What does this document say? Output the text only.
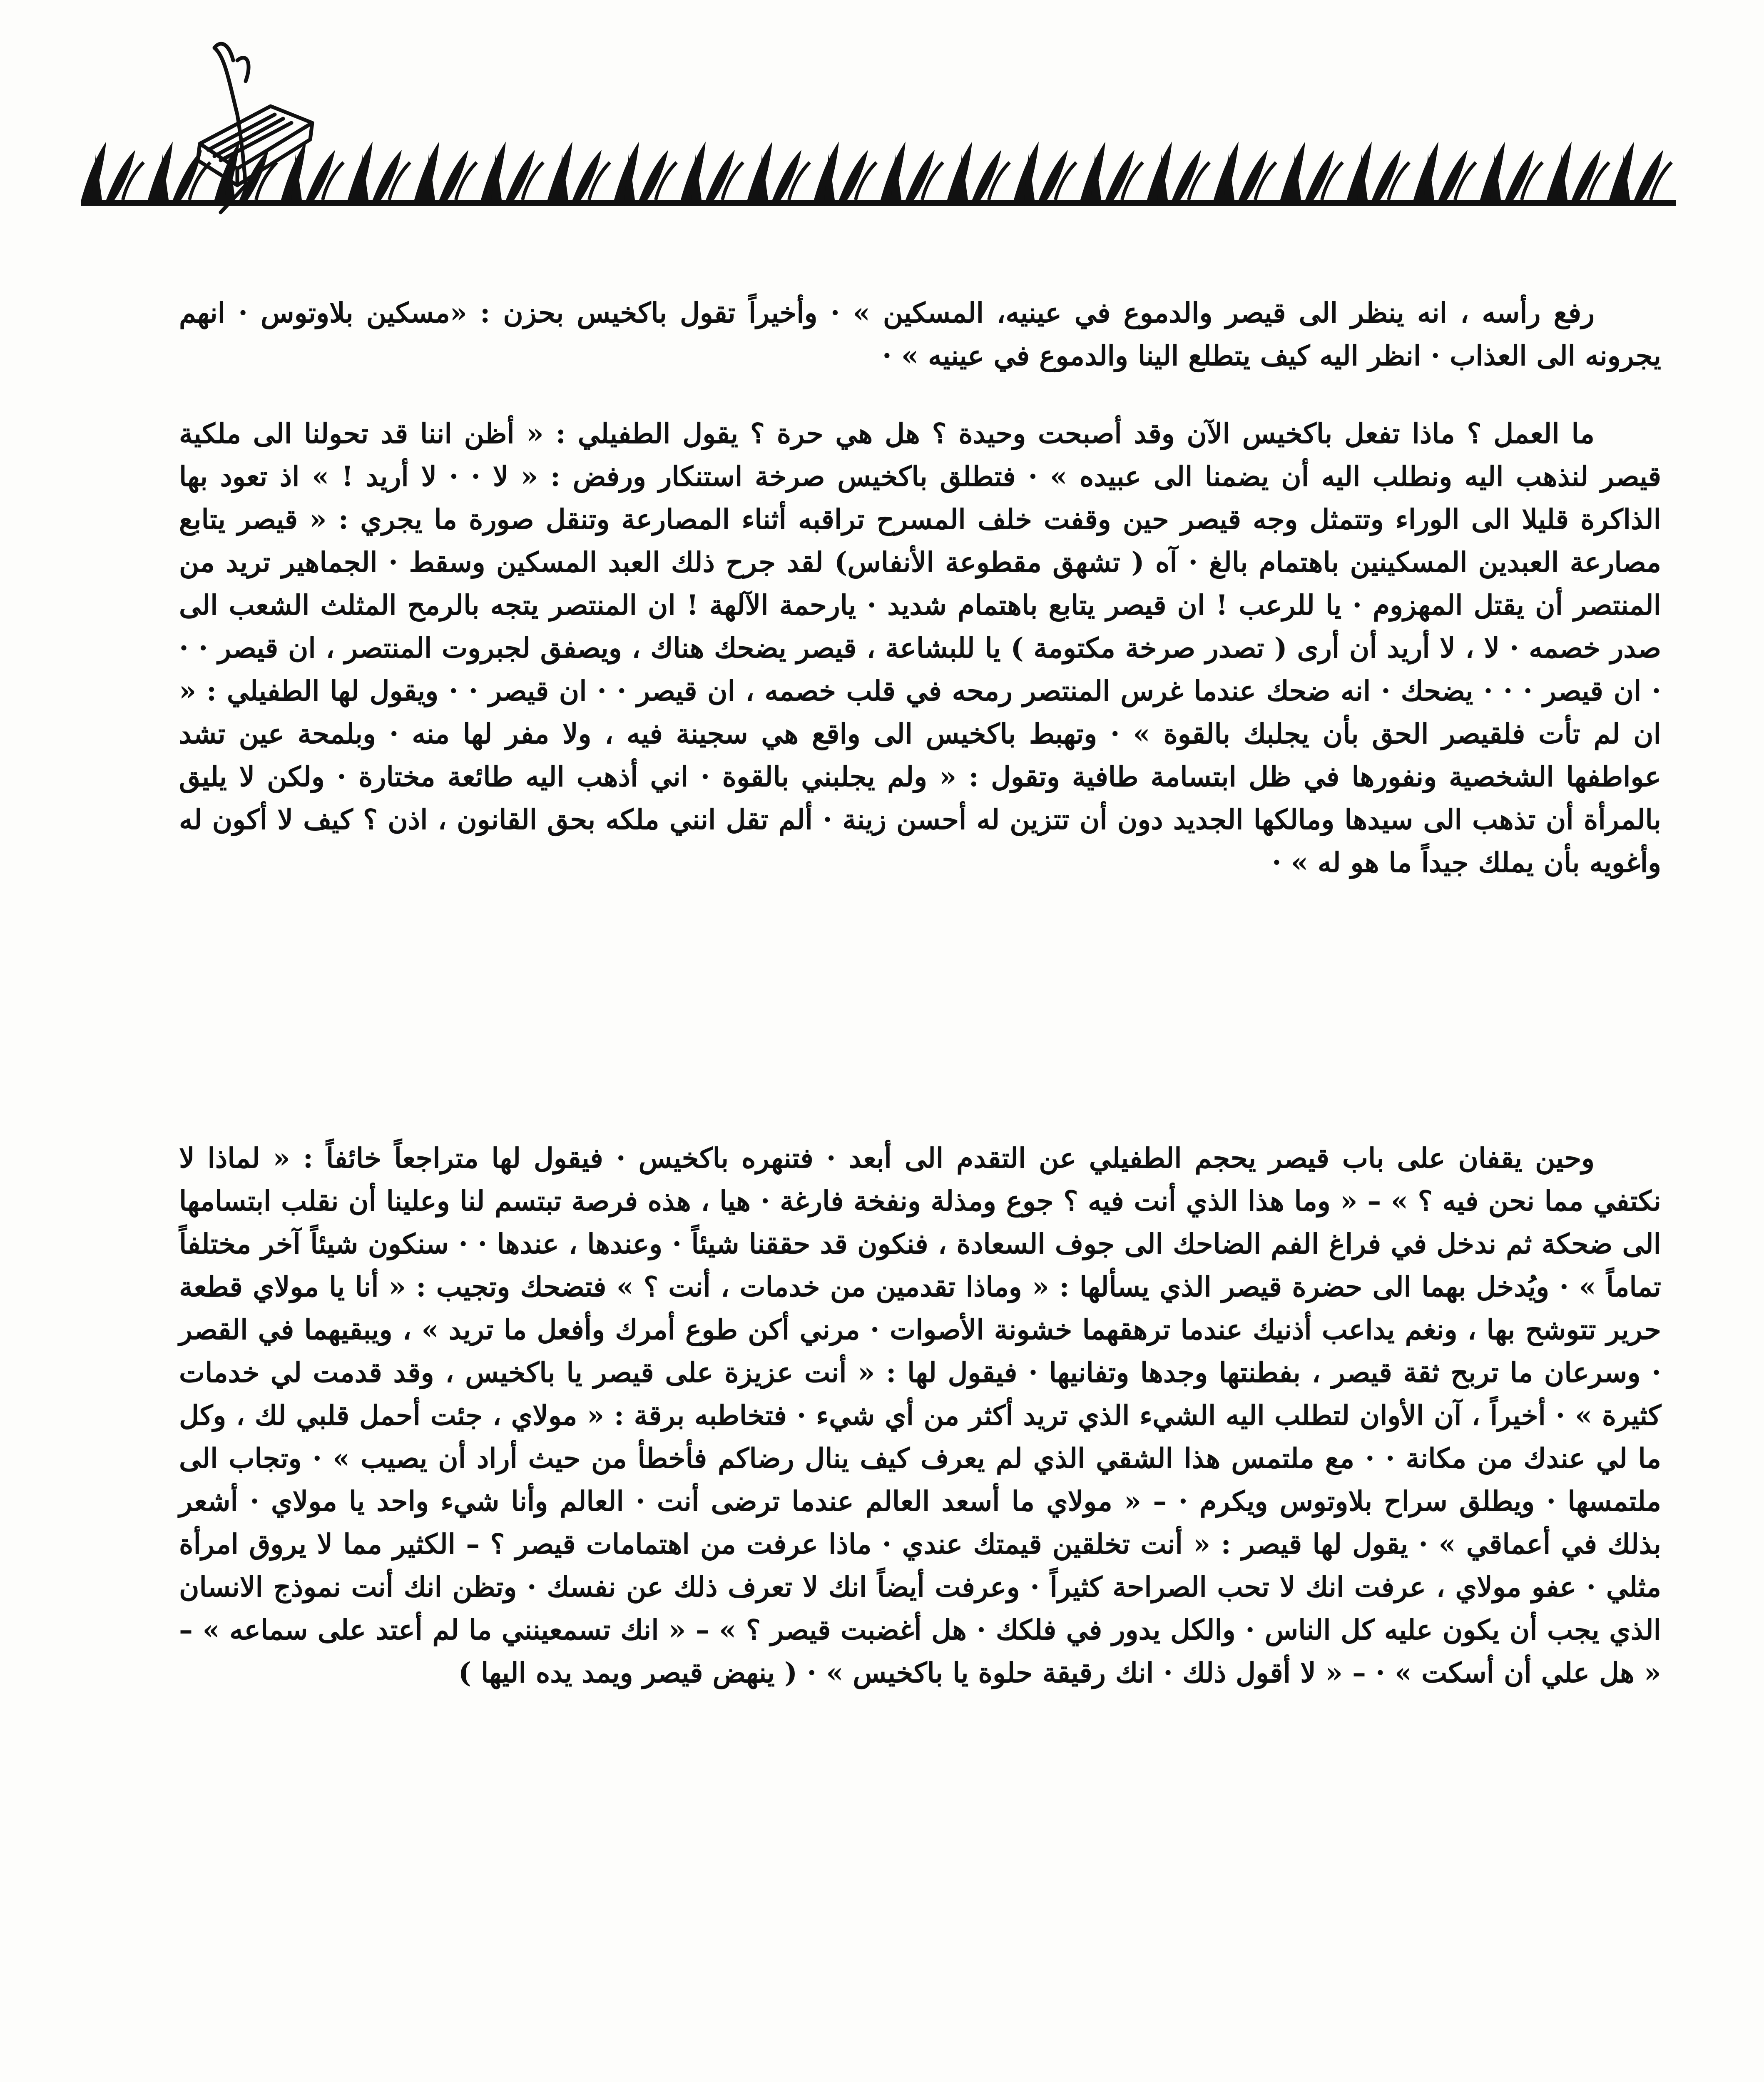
رفع رأسه ، انه ينظر الى قيصر والدموع في عينيه، المسكين » · وأخيراً تقول باكخيس بحزن : «مسكين بلاوتوس · انهم يجرونه الى العذاب · انظر اليه كيف يتطلع الينا والدموع في عينيه » ·

ما العمل ؟ ماذا تفعل باكخيس الآن وقد أصبحت وحيدة ؟ هل هي حرة ؟ يقول الطفيلي : « أظن اننا قد تحولنا الى ملكية قيصر لنذهب اليه ونطلب اليه أن يضمنا الى عبيده » · فتطلق باكخيس صرخة استنكار ورفض : « لا · · لا أريد ! » اذ تعود بها الذاكرة قليلا الى الوراء وتتمثل وجه قيصر حين وقفت خلف المسرح تراقبه أثناء المصارعة وتنقل صورة ما يجري : « قيصر يتابع مصارعة العبدين المسكينين باهتمام بالغ · آه ( تشهق مقطوعة الأنفاس) لقد جرح ذلك العبد المسكين وسقط · الجماهير تريد من المنتصر أن يقتل المهزوم · يا للرعب ! ان قيصر يتابع باهتمام شديد · يارحمة الآلهة ! ان المنتصر يتجه بالرمح المثلث الشعب الى صدر خصمه · لا ، لا أريد أن أرى ( تصدر صرخة مكتومة ) يا للبشاعة ، قيصر يضحك هناك ، ويصفق لجبروت المنتصر ، ان قيصر · · · ان قيصر · · · يضحك · انه ضحك عندما غرس المنتصر رمحه في قلب خصمه ، ان قيصر · · ان قيصر · · ويقول لها الطفيلي : « ان لم تأت فلقيصر الحق بأن يجلبك بالقوة » · وتهبط باكخيس الى واقع هي سجينة فيه ، ولا مفر لها منه · وبلمحة عين تشد عواطفها الشخصية ونفورها في ظل ابتسامة طافية وتقول : « ولم يجلبني بالقوة · اني أذهب اليه طائعة مختارة · ولكن لا يليق بالمرأة أن تذهب الى سيدها ومالكها الجديد دون أن تتزين له أحسن زينة · ألم تقل انني ملكه بحق القانون ، اذن ؟ كيف لا أكون له وأغويه بأن يملك جيداً ما هو له » ·

وحين يقفان على باب قيصر يحجم الطفيلي عن التقدم الى أبعد · فتنهره باكخيس · فيقول لها متراجعاً خائفاً : « لماذا لا نكتفي مما نحن فيه ؟ » – « وما هذا الذي أنت فيه ؟ جوع ومذلة ونفخة فارغة · هيا ، هذه فرصة تبتسم لنا وعلينا أن نقلب ابتسامها الى ضحكة ثم ندخل في فراغ الفم الضاحك الى جوف السعادة ، فنكون قد حققنا شيئاً · وعندها ، عندها · · سنكون شيئاً آخر مختلفاً تماماً » · ويُدخل بهما الى حضرة قيصر الذي يسألها : « وماذا تقدمين من خدمات ، أنت ؟ » فتضحك وتجيب : « أنا يا مولاي قطعة حرير تتوشح بها ، ونغم يداعب أذنيك عندما ترهقهما خشونة الأصوات · مرني أكن طوع أمرك وأفعل ما تريد » ، ويبقيهما في القصر · وسرعان ما تربح ثقة قيصر ، بفطنتها وجدها وتفانيها · فيقول لها : « أنت عزيزة على قيصر يا باكخيس ، وقد قدمت لي خدمات كثيرة » · أخيراً ، آن الأوان لتطلب اليه الشيء الذي تريد أكثر من أي شيء · فتخاطبه برقة : « مولاي ، جئت أحمل قلبي لك ، وكل ما لي عندك من مكانة · · مع ملتمس هذا الشقي الذي لم يعرف كيف ينال رضاكم فأخطأ من حيث أراد أن يصيب » · وتجاب الى ملتمسها · ويطلق سراح بلاوتوس ويكرم · – « مولاي ما أسعد العالم عندما ترضى أنت · العالم وأنا شيء واحد يا مولاي · أشعر بذلك في أعماقي » · يقول لها قيصر : « أنت تخلقين قيمتك عندي · ماذا عرفت من اهتمامات قيصر ؟ – الكثير مما لا يروق امرأة مثلي · عفو مولاي ، عرفت انك لا تحب الصراحة كثيراً · وعرفت أيضاً انك لا تعرف ذلك عن نفسك · وتظن انك أنت نموذج الانسان الذي يجب أن يكون عليه كل الناس · والكل يدور في فلكك · هل أغضبت قيصر ؟ » – « انك تسمعينني ما لم أعتد على سماعه » – « هل علي أن أسكت » · – « لا أقول ذلك · انك رقيقة حلوة يا باكخيس » · ( ينهض قيصر ويمد يده اليها )
